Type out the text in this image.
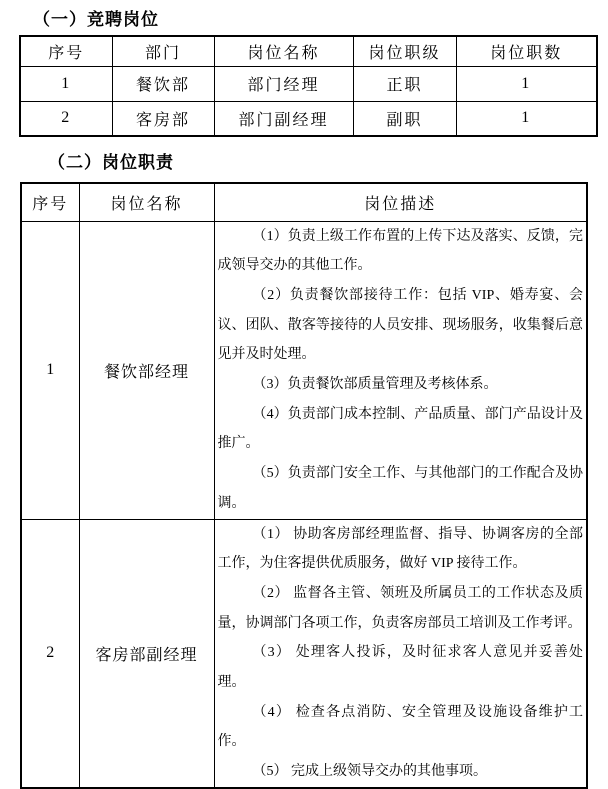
（一）竞聘岗位

序号	部门	岗位名称	岗位职级	岗位职数
1	餐饮部	部门经理	正职	1
2	客房部	部门副经理	副职	1

（二）岗位职责

序号	岗位名称	岗位描述
1	餐饮部经理	（1）负责上级工作布置的上传下达及落实、反馈，完成领导交办的其他工作。

（2）负责餐饮部接待工作：包括 VIP、婚寿宴、会议、团队、散客等接待的人员安排、现场服务，收集餐后意见并及时处理。

（3）负责餐饮部质量管理及考核体系。

（4）负责部门成本控制、产品质量、部门产品设计及推广。

（5）负责部门安全工作、与其他部门的工作配合及协调。

2	客房部副经理	（1） 协助客房部经理监督、指导、协调客房的全部工作，为住客提供优质服务，做好 VIP 接待工作。

（2） 监督各主管、领班及所属员工的工作状态及质量，协调部门各项工作，负责客房部员工培训及工作考评。

（3） 处理客人投诉，及时征求客人意见并妥善处理。

（4） 检查各点消防、安全管理及设施设备维护工作。

（5） 完成上级领导交办的其他事项。
